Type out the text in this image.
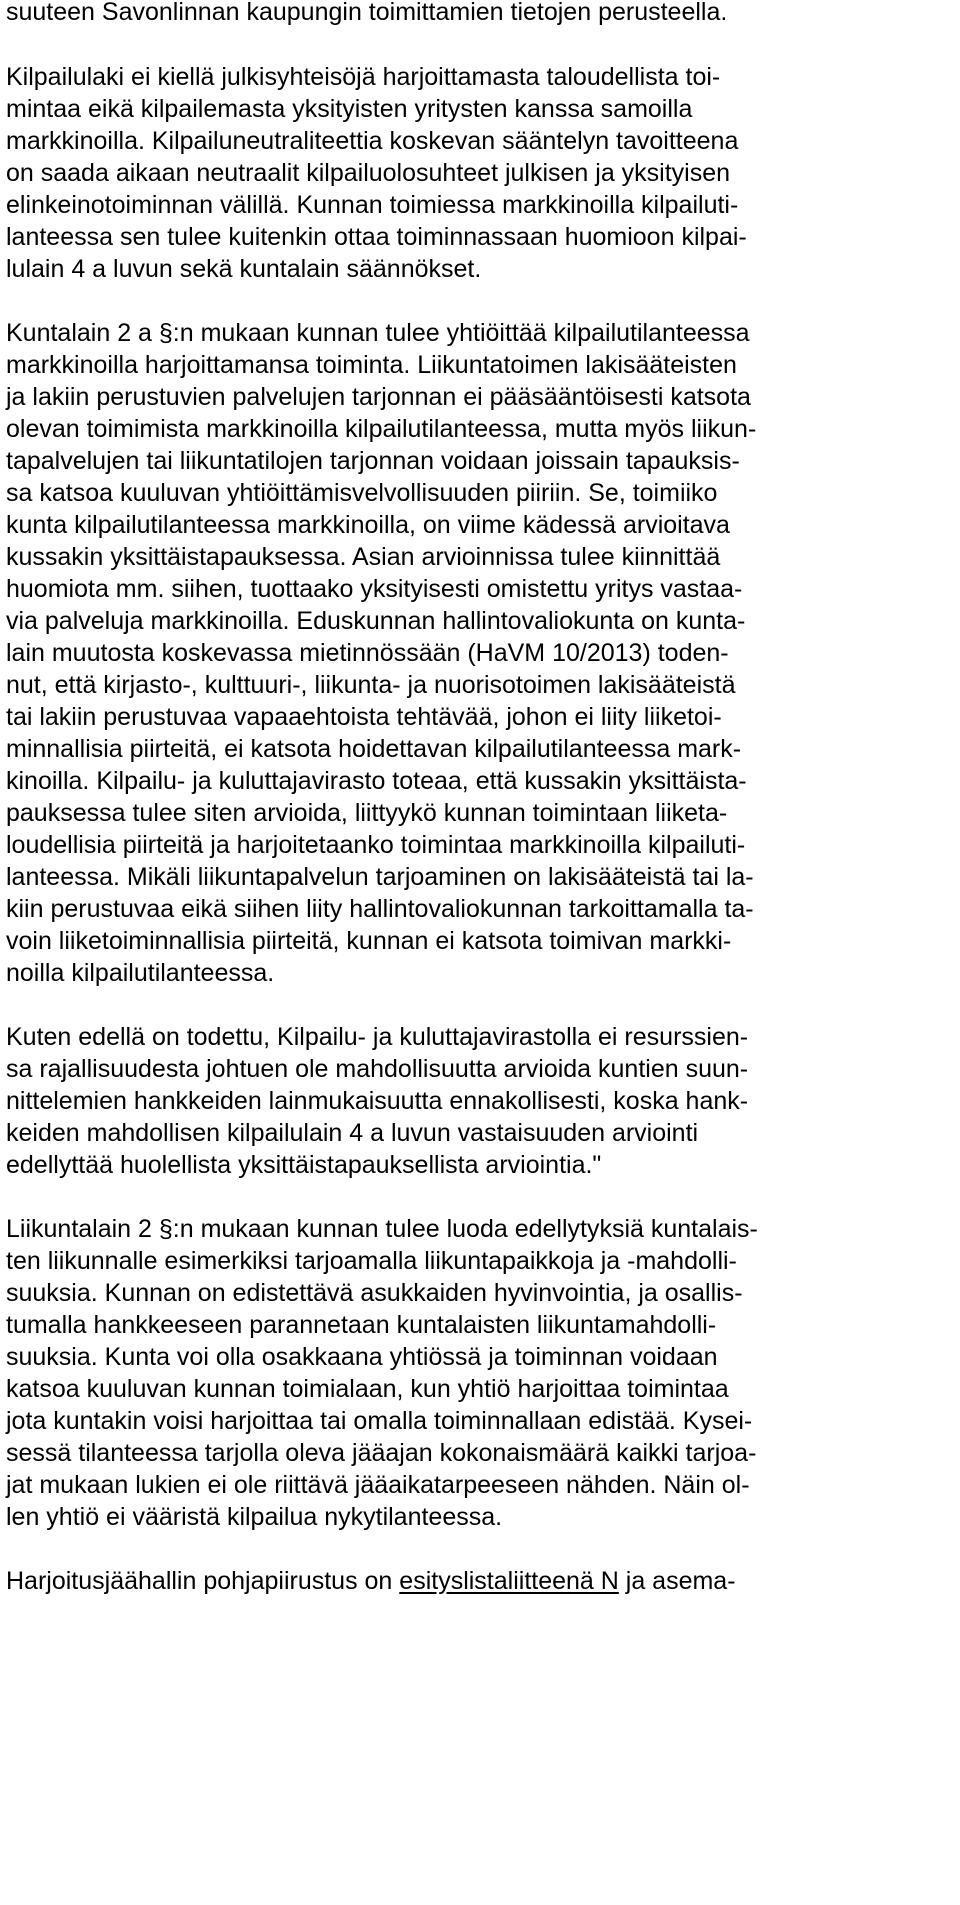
suuteen Savonlinnan kaupungin toimittamien tietojen perusteella.
Kilpailulaki ei kiellä julkisyhteisöjä harjoittamasta taloudellista toi-
mintaa eikä kilpailemasta yksityisten yritysten kanssa samoilla
markkinoilla. Kilpailuneutraliteettia koskevan sääntelyn tavoitteena
on saada aikaan neutraalit kilpailuolosuhteet julkisen ja yksityisen
elinkeinotoiminnan välillä. Kunnan toimiessa markkinoilla kilpailuti-
lanteessa sen tulee kuitenkin ottaa toiminnassaan huomioon kilpai-
lulain 4 a luvun sekä kuntalain säännökset.
Kuntalain 2 a §:n mukaan kunnan tulee yhtiöittää kilpailutilanteessa
markkinoilla harjoittamansa toiminta. Liikuntatoimen lakisääteisten
ja lakiin perustuvien palvelujen tarjonnan ei pääsääntöisesti katsota
olevan toimimista markkinoilla kilpailutilanteessa, mutta myös liikun-
tapalvelujen tai liikuntatilojen tarjonnan voidaan joissain tapauksis-
sa katsoa kuuluvan yhtiöittämisvelvollisuuden piiriin. Se, toimiiko
kunta kilpailutilanteessa markkinoilla, on viime kädessä arvioitava
kussakin yksittäistapauksessa. Asian arvioinnissa tulee kiinnittää
huomiota mm. siihen, tuottaako yksityisesti omistettu yritys vastaa-
via palveluja markkinoilla. Eduskunnan hallintovaliokunta on kunta-
lain muutosta koskevassa mietinnössään (HaVM 10/2013) toden-
nut, että kirjasto-, kulttuuri-, liikunta- ja nuorisotoimen lakisääteistä
tai lakiin perustuvaa vapaaehtoista tehtävää, johon ei liity liiketoi-
minnallisia piirteitä, ei katsota hoidettavan kilpailutilanteessa mark-
kinoilla. Kilpailu- ja kuluttajavirasto toteaa, että kussakin yksittäista-
pauksessa tulee siten arvioida, liittyykö kunnan toimintaan liiketa-
loudellisia piirteitä ja harjoitetaanko toimintaa markkinoilla kilpailuti-
lanteessa. Mikäli liikuntapalvelun tarjoaminen on lakisääteistä tai la-
kiin perustuvaa eikä siihen liity hallintovaliokunnan tarkoittamalla ta-
voin liiketoiminnallisia piirteitä, kunnan ei katsota toimivan markki-
noilla kilpailutilanteessa.
Kuten edellä on todettu, Kilpailu- ja kuluttajavirastolla ei resurssien-
sa rajallisuudesta johtuen ole mahdollisuutta arvioida kuntien suun-
nittelemien hankkeiden lainmukaisuutta ennakollisesti, koska hank-
keiden mahdollisen kilpailulain 4 a luvun vastaisuuden arviointi
edellyttää huolellista yksittäistapauksellista arviointia."
Liikuntalain 2 §:n mukaan kunnan tulee luoda edellytyksiä kuntalais-
ten liikunnalle esimerkiksi tarjoamalla liikuntapaikkoja ja -mahdolli-
suuksia. Kunnan on edistettävä asukkaiden hyvinvointia, ja osallis-
tumalla hankkeeseen parannetaan kuntalaisten liikuntamahdolli-
suuksia. Kunta voi olla osakkaana yhtiössä ja toiminnan voidaan
katsoa kuuluvan kunnan toimialaan, kun yhtiö harjoittaa toimintaa
jota kuntakin voisi harjoittaa tai omalla toiminnallaan edistää. Kysei-
sessä tilanteessa tarjolla oleva jääajan kokonaismäärä kaikki tarjoa-
jat mukaan lukien ei ole riittävä jääaikatarpeeseen nähden. Näin ol-
len yhtiö ei vääristä kilpailua nykytilanteessa.
Harjoitusjäähallin pohjapiirustus on esityslistaliitteenä N ja asema-
